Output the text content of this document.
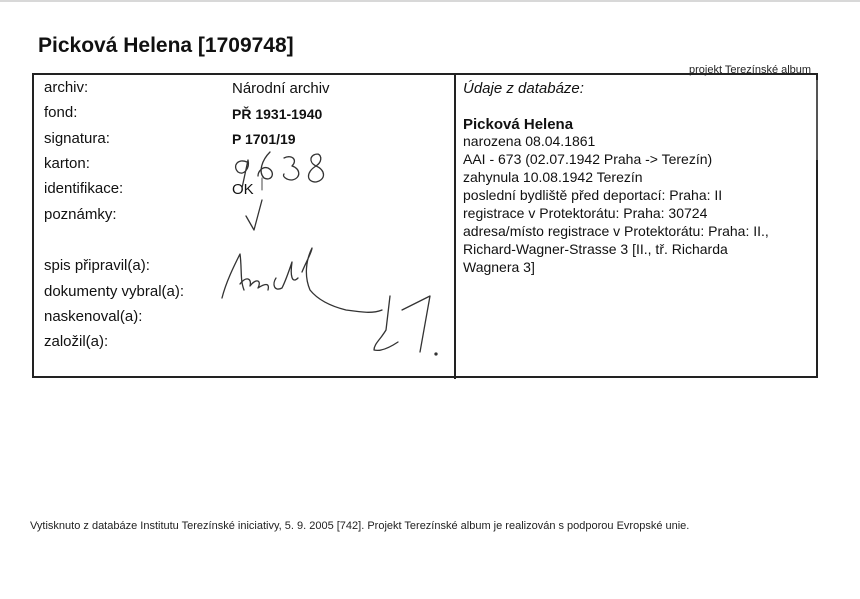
Picková Helena [1709748]
projekt Terezínské album
archiv:
fond:
signatura:
karton:
identifikace:
poznámky:
spis připravil(a):
dokumenty vybral(a):
naskenoval(a):
založil(a):
Národní archiv
PŘ 1931-1940
P 1701/19
OK
Údaje z databáze:
Picková Helena
narozena 08.04.1861
AAI - 673 (02.07.1942 Praha -> Terezín)
zahynula 10.08.1942 Terezín
poslední bydliště před deportací: Praha: II
registrace v Protektorátu: Praha: 30724
adresa/místo registrace v Protektorátu: Praha: II.,
Richard-Wagner-Strasse 3 [II., tř. Richarda
Wagnera 3]
Vytisknuto z databáze Institutu Terezínské iniciativy, 5. 9. 2005 [742]. Projekt Terezínské album je realizován s podporou Evropské unie.
